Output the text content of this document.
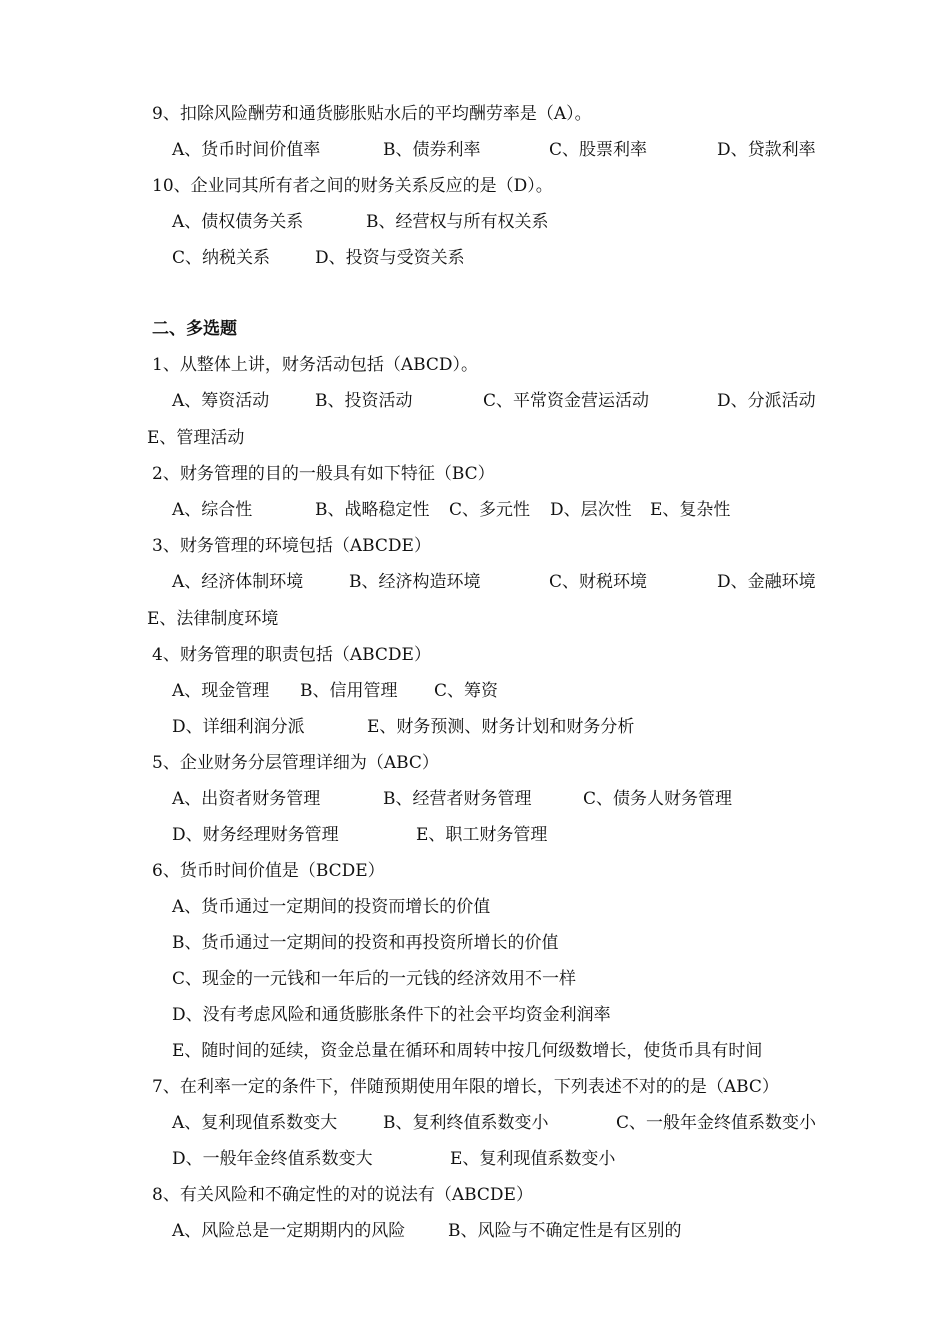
9、扣除风险酬劳和通货膨胀贴水后的平均酬劳率是（A）。
A、货币时间价值率	B、债券利率	C、股票利率	D、贷款利率
10、企业同其所有者之间的财务关系反应的是（D）。
A、债权债务关系	B、经营权与所有权关系
C、纳税关系	D、投资与受资关系
二、多选题
1、从整体上讲，财务活动包括（ABCD）。
A、筹资活动	B、投资活动	C、平常资金营运活动	D、分派活动
E、管理活动
2、财务管理的目的一般具有如下特征（BC）
A、综合性	B、战略稳定性 C、多元性 D、层次性 E、复杂性
3、财务管理的环境包括（ABCDE）
A、经济体制环境	B、经济构造环境	C、财税环境	D、金融环境
E、法律制度环境
4、财务管理的职责包括（ABCDE）
A、现金管理 B、信用管理 C、筹资
D、详细利润分派	E、财务预测、财务计划和财务分析
5、企业财务分层管理详细为（ABC）
A、出资者财务管理	B、经营者财务管理	C、债务人财务管理
D、财务经理财务管理	E、职工财务管理
6、货币时间价值是（BCDE）
A、货币通过一定期间的投资而增长的价值
B、货币通过一定期间的投资和再投资所增长的价值
C、现金的一元钱和一年后的一元钱的经济效用不一样
D、没有考虑风险和通货膨胀条件下的社会平均资金利润率
E、随时间的延续，资金总量在循环和周转中按几何级数增长，使货币具有时间
7、在利率一定的条件下，伴随预期使用年限的增长，下列表述不对的的是（ABC）
A、复利现值系数变大	B、复利终值系数变小	C、一般年金终值系数变小
D、一般年金终值系数变大	E、复利现值系数变小
8、有关风险和不确定性的对的说法有（ABCDE）
A、风险总是一定期期内的风险	B、风险与不确定性是有区别的
